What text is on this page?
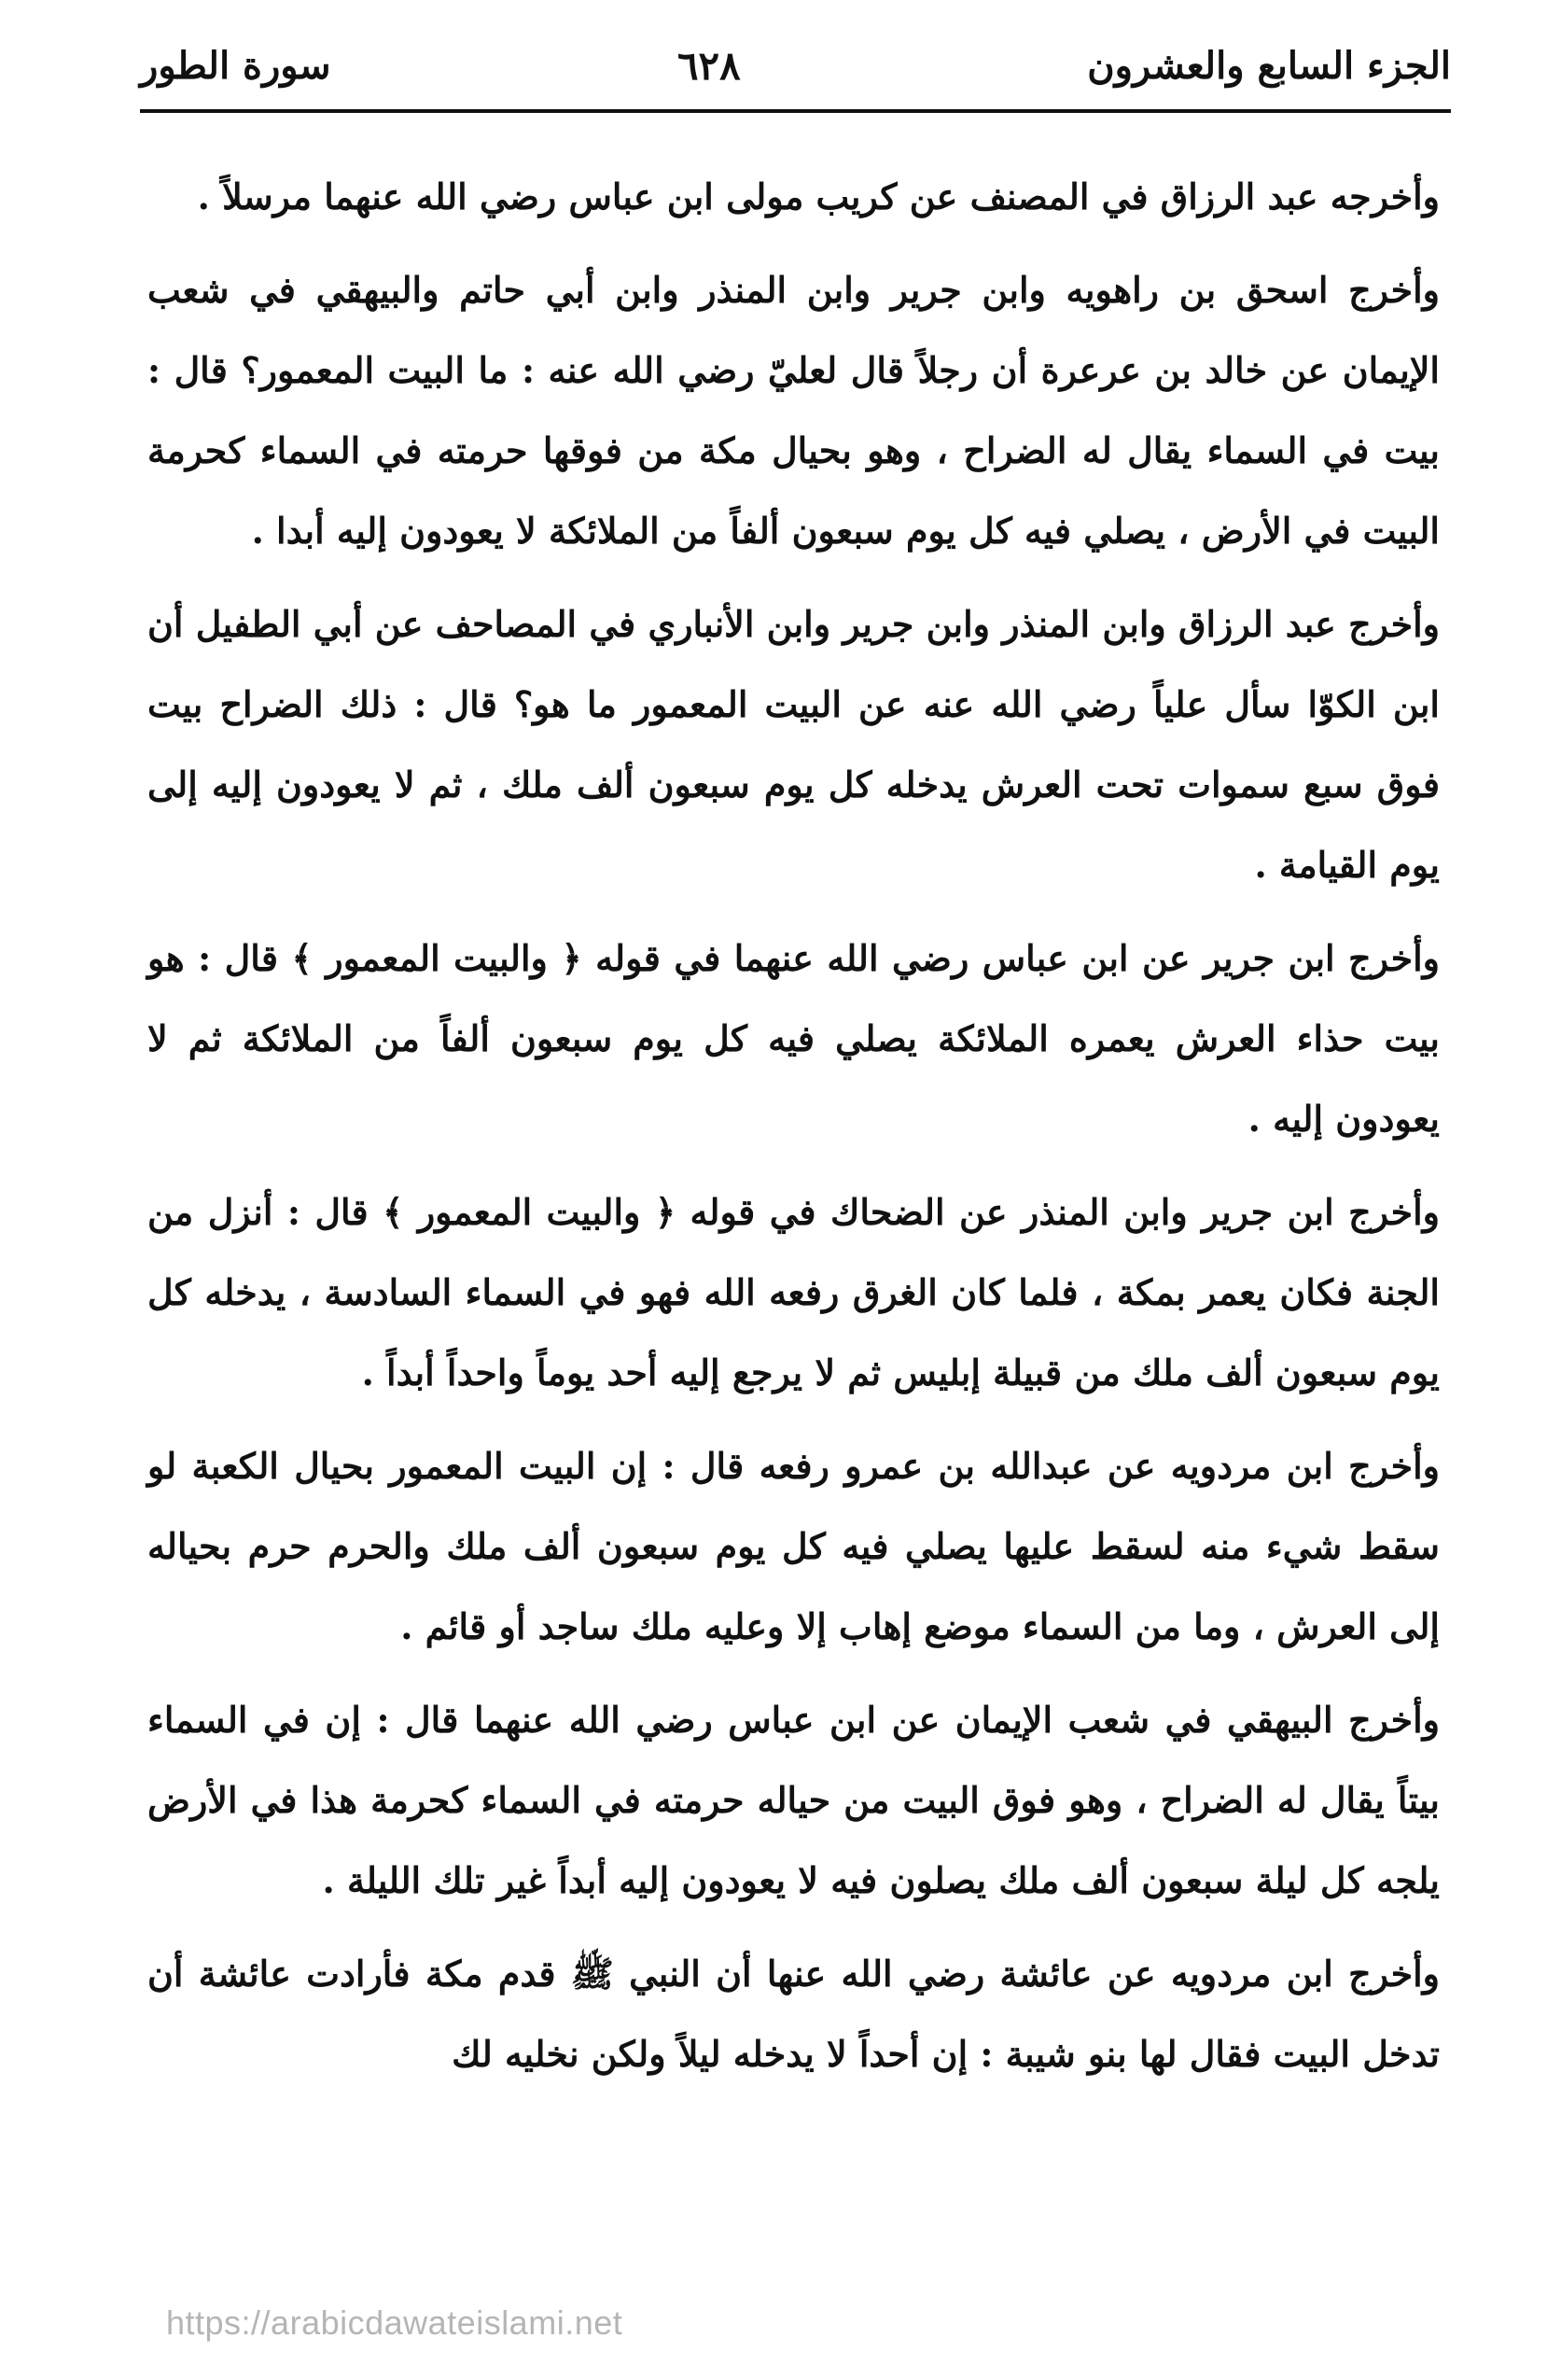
الجزء السابع والعشرون
٦٢٨
سورة الطور

وأخرجه عبد الرزاق في المصنف عن كريب مولى ابن عباس رضي الله عنهما مرسلاً .

وأخرج اسحق بن راهويه وابن جرير وابن المنذر وابن أبي حاتم والبيهقي في شعب الإيمان عن خالد بن عرعرة أن رجلاً قال لعليّ رضي الله عنه : ما البيت المعمور؟ قال : بيت في السماء يقال له الضراح ، وهو بحيال مكة من فوقها حرمته في السماء كحرمة البيت في الأرض ، يصلي فيه كل يوم سبعون ألفاً من الملائكة لا يعودون إليه أبدا .

وأخرج عبد الرزاق وابن المنذر وابن جرير وابن الأنباري في المصاحف عن أبي الطفيل أن ابن الكوّا سأل علياً رضي الله عنه عن البيت المعمور ما هو؟ قال : ذلك الضراح بيت فوق سبع سموات تحت العرش يدخله كل يوم سبعون ألف ملك ، ثم لا يعودون إليه إلى يوم القيامة .

وأخرج ابن جرير عن ابن عباس رضي الله عنهما في قوله ﴿ والبيت المعمور ﴾ قال : هو بيت حذاء العرش يعمره الملائكة يصلي فيه كل يوم سبعون ألفاً من الملائكة ثم لا يعودون إليه .

وأخرج ابن جرير وابن المنذر عن الضحاك في قوله ﴿ والبيت المعمور ﴾ قال : أنزل من الجنة فكان يعمر بمكة ، فلما كان الغرق رفعه الله فهو في السماء السادسة ، يدخله كل يوم سبعون ألف ملك من قبيلة إبليس ثم لا يرجع إليه أحد يوماً واحداً أبداً .

وأخرج ابن مردويه عن عبدالله بن عمرو رفعه قال : إن البيت المعمور بحيال الكعبة لو سقط شيء منه لسقط عليها يصلي فيه كل يوم سبعون ألف ملك والحرم حرم بحياله إلى العرش ، وما من السماء موضع إهاب إلا وعليه ملك ساجد أو قائم .

وأخرج البيهقي في شعب الإيمان عن ابن عباس رضي الله عنهما قال : إن في السماء بيتاً يقال له الضراح ، وهو فوق البيت من حياله حرمته في السماء كحرمة هذا في الأرض يلجه كل ليلة سبعون ألف ملك يصلون فيه لا يعودون إليه أبداً غير تلك الليلة .

وأخرج ابن مردويه عن عائشة رضي الله عنها أن النبي ﷺ قدم مكة فأرادت عائشة أن تدخل البيت فقال لها بنو شيبة : إن أحداً لا يدخله ليلاً ولكن نخليه لك

https://arabicdawateislami.net
